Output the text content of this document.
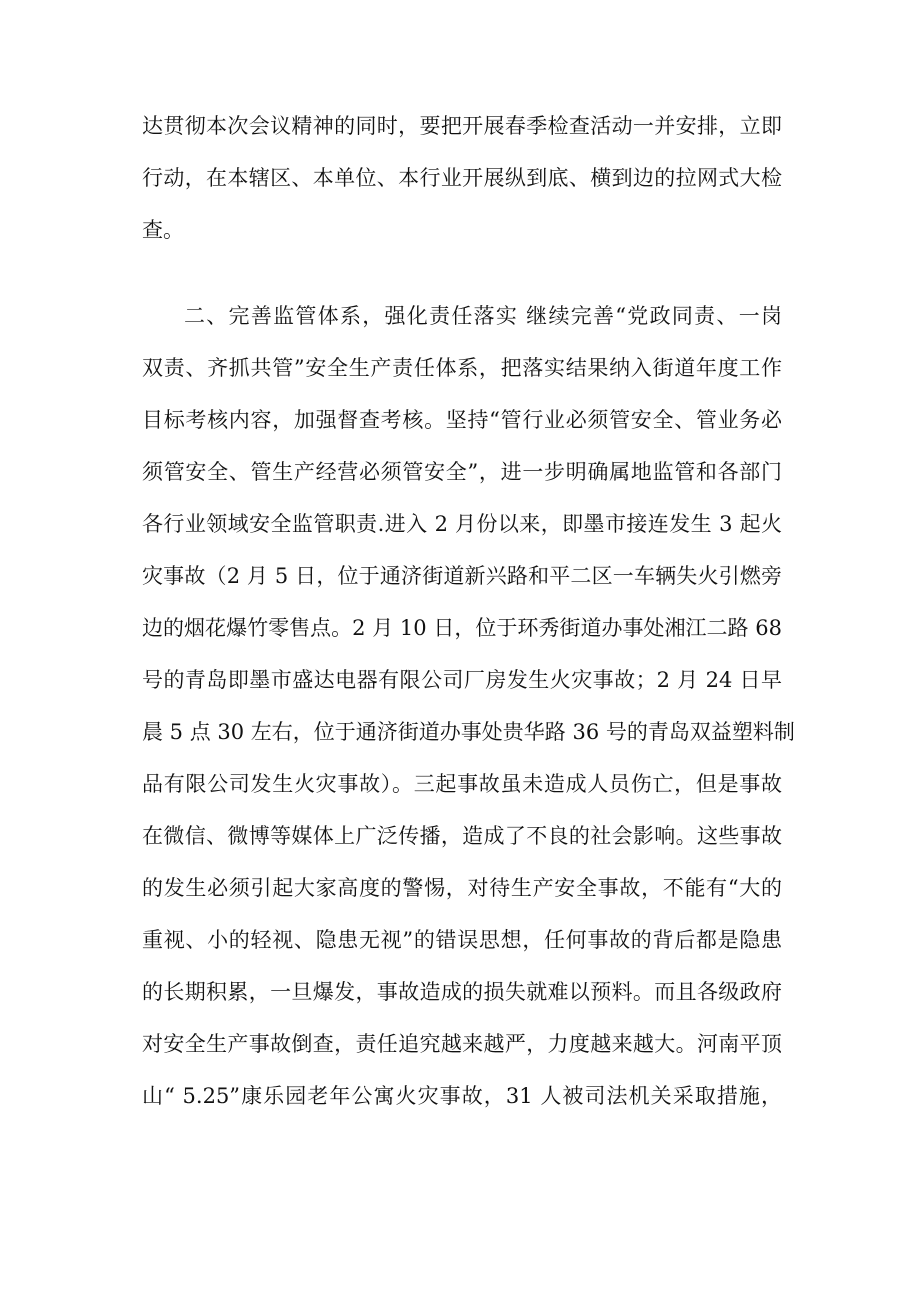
达贯彻本次会议精神的同时，要把开展春季检查活动一并安排，立即
行动，在本辖区、本单位、本行业开展纵到底、横到边的拉网式大检
查。
二、完善监管体系，强化责任落实 继续完善“党政同责、一岗
双责、齐抓共管”安全生产责任体系，把落实结果纳入街道年度工作
目标考核内容，加强督查考核。坚持“管行业必须管安全、管业务必
须管安全、管生产经营必须管安全”，进一步明确属地监管和各部门
各行业领域安全监管职责.进入 2 月份以来，即墨市接连发生 3 起火
灾事故（2 月 5 日，位于通济街道新兴路和平二区一车辆失火引燃旁
边的烟花爆竹零售点。2 月 10 日，位于环秀街道办事处湘江二路 68
号的青岛即墨市盛达电器有限公司厂房发生火灾事故；2 月 24 日早
晨 5 点 30 左右，位于通济街道办事处贵华路 36 号的青岛双益塑料制
品有限公司发生火灾事故）。三起事故虽未造成人员伤亡，但是事故
在微信、微博等媒体上广泛传播，造成了不良的社会影响。这些事故
的发生必须引起大家高度的警惕，对待生产安全事故，不能有“大的
重视、小的轻视、隐患无视”的错误思想，任何事故的背后都是隐患
的长期积累，一旦爆发，事故造成的损失就难以预料。而且各级政府
对安全生产事故倒查，责任追究越来越严，力度越来越大。河南平顶
山“ 5.25”康乐园老年公寓火灾事故，31 人被司法机关采取措施，
